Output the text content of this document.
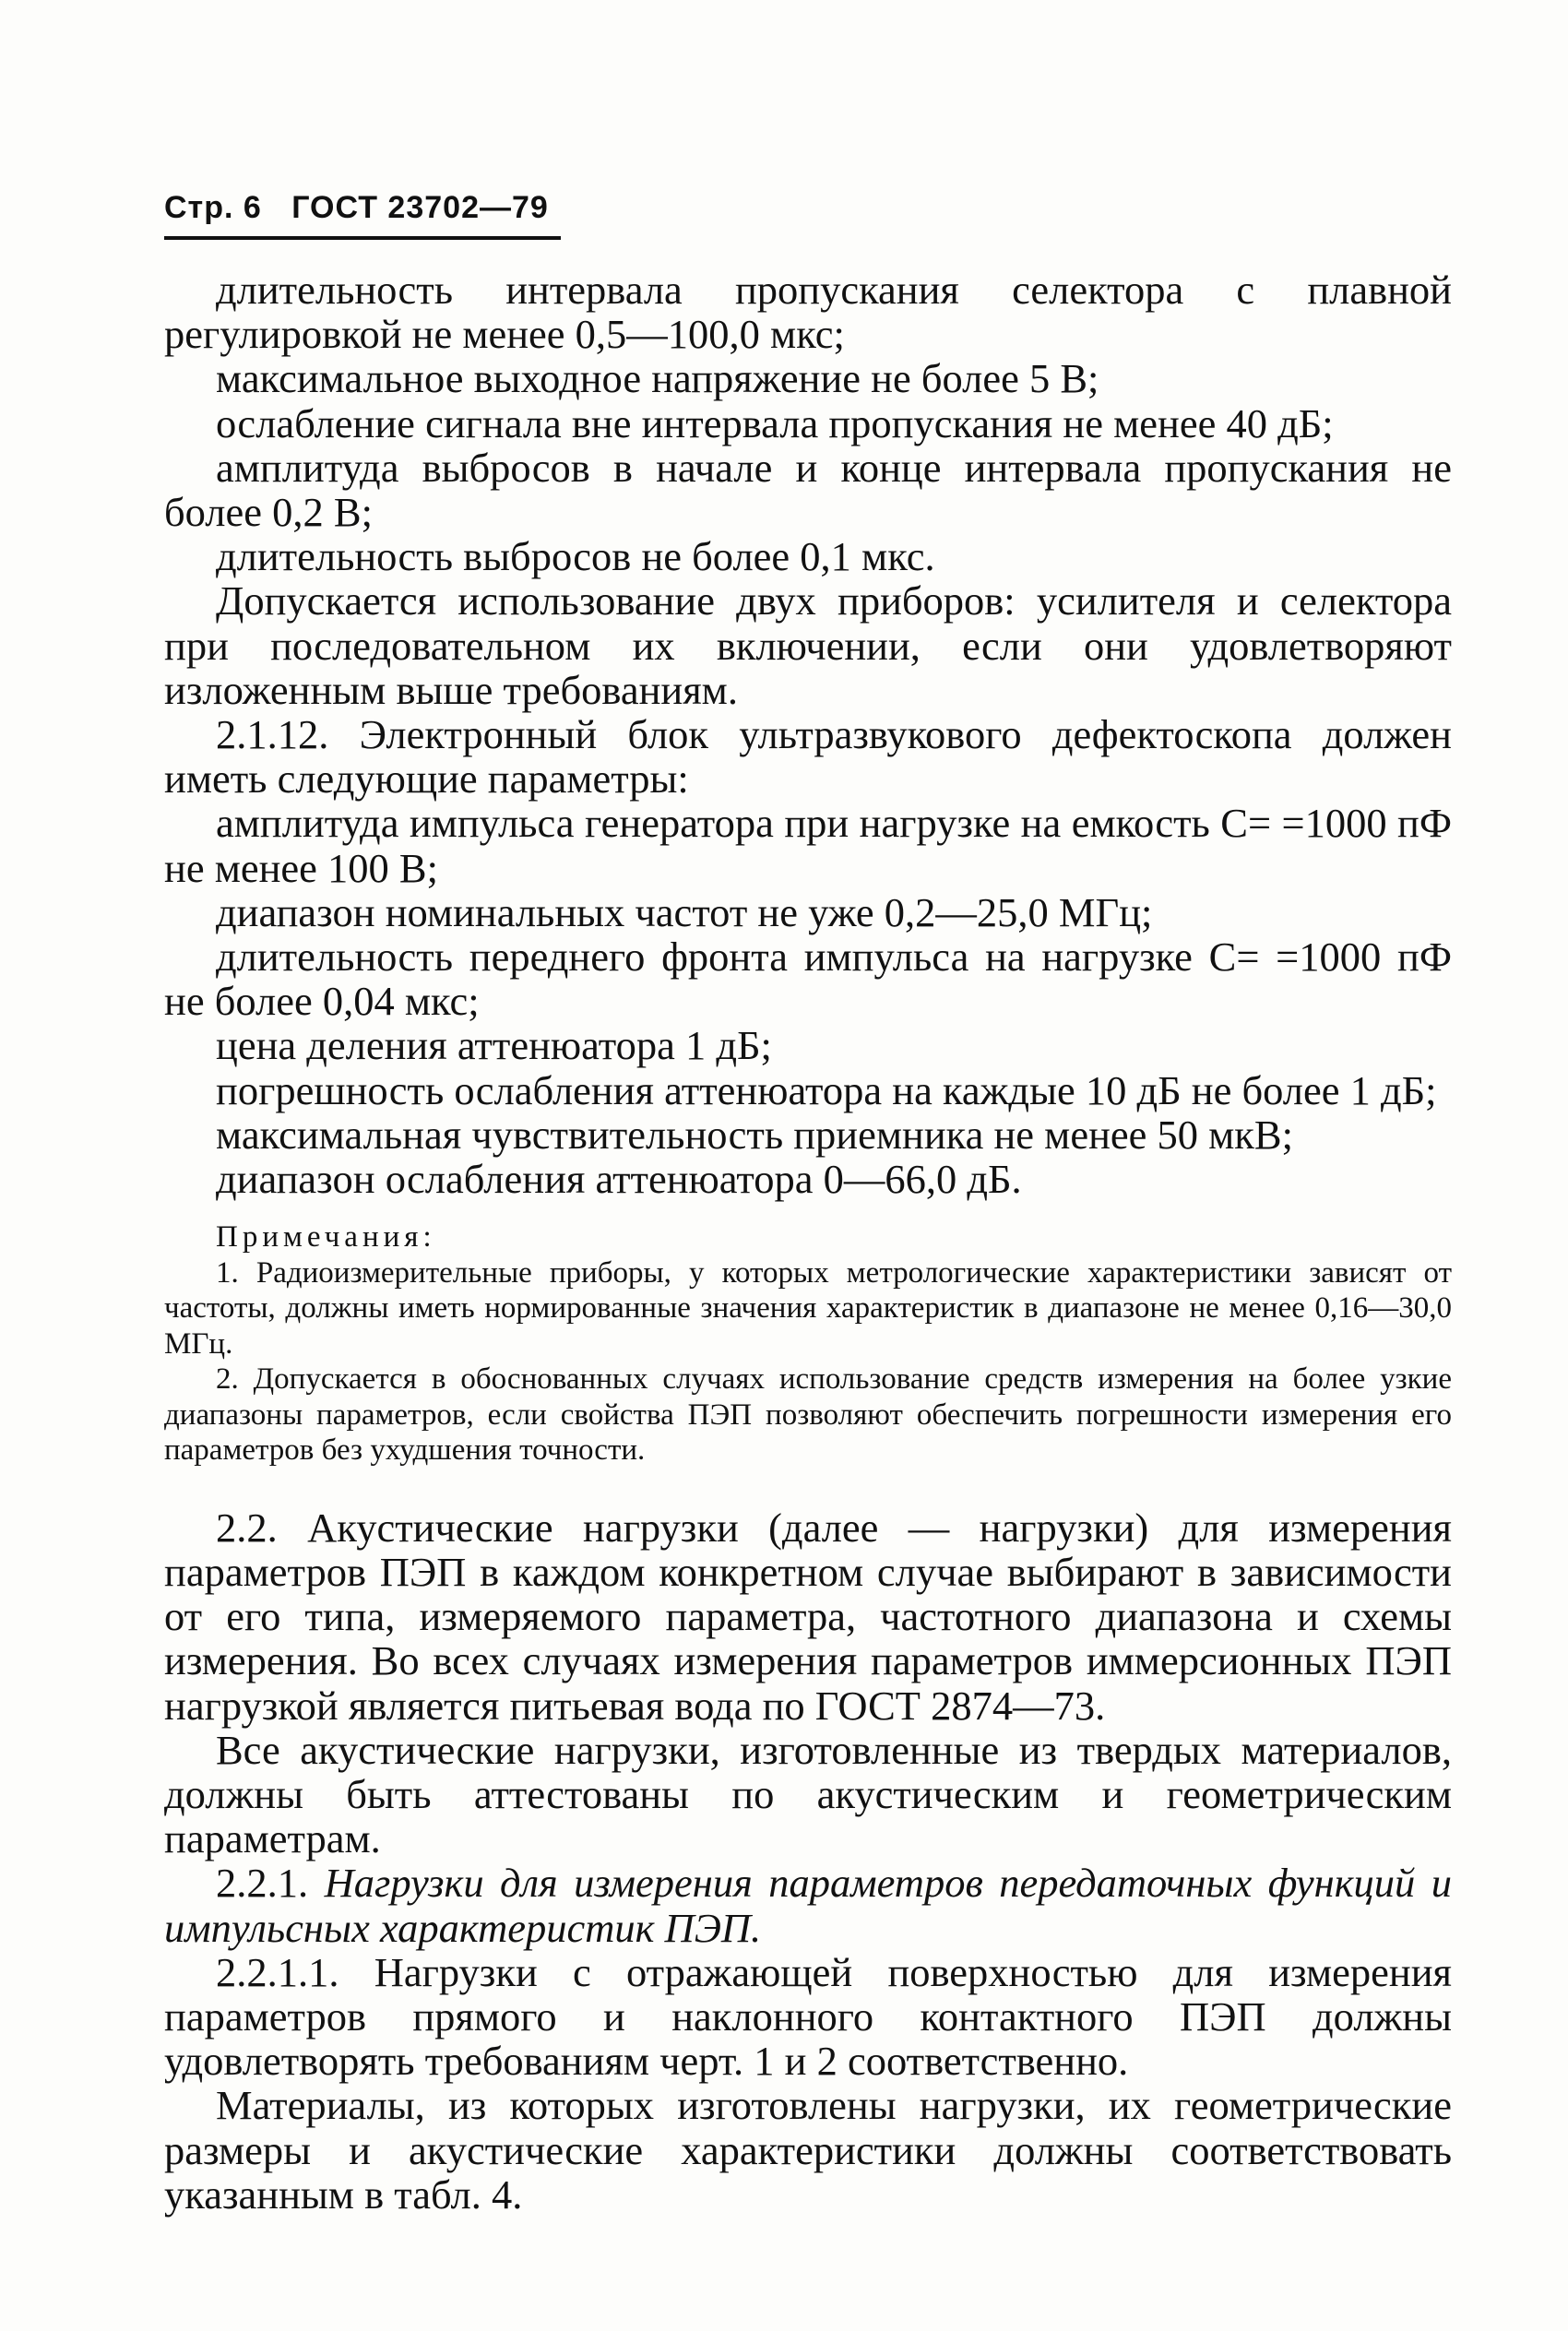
Стр. 6 ГОСТ 23702—79

длительность интервала пропускания селектора с плавной регулировкой не менее 0,5—100,0 мкс;

максимальное выходное напряжение не более 5 В;

ослабление сигнала вне интервала пропускания не менее 40 дБ;

амплитуда выбросов в начале и конце интервала пропускания не более 0,2 В;

длительность выбросов не более 0,1 мкс.

Допускается использование двух приборов: усилителя и селектора при последовательном их включении, если они удовлетворяют изложенным выше требованиям.

2.1.12. Электронный блок ультразвукового дефектоскопа должен иметь следующие параметры:

амплитуда импульса генератора при нагрузке на емкость C= =1000 пФ не менее 100 В;

диапазон номинальных частот не уже 0,2—25,0 МГц;

длительность переднего фронта импульса на нагрузке C= =1000 пФ не более 0,04 мкс;

цена деления аттенюатора 1 дБ;

погрешность ослабления аттенюатора на каждые 10 дБ не более 1 дБ;

максимальная чувствительность приемника не менее 50 мкВ;

диапазон ослабления аттенюатора 0—66,0 дБ.

Примечания:

1. Радиоизмерительные приборы, у которых метрологические характеристики зависят от частоты, должны иметь нормированные значения характеристик в диапазоне не менее 0,16—30,0 МГц.

2. Допускается в обоснованных случаях использование средств измерения на более узкие диапазоны параметров, если свойства ПЭП позволяют обеспечить погрешности измерения его параметров без ухудшения точности.

2.2. Акустические нагрузки (далее — нагрузки) для измерения параметров ПЭП в каждом конкретном случае выбирают в зависимости от его типа, измеряемого параметра, частотного диапазона и схемы измерения. Во всех случаях измерения параметров иммерсионных ПЭП нагрузкой является питьевая вода по ГОСТ 2874—73.

Все акустические нагрузки, изготовленные из твердых материалов, должны быть аттестованы по акустическим и геометрическим параметрам.

2.2.1. Нагрузки для измерения параметров передаточных функций и импульсных характеристик ПЭП.

2.2.1.1. Нагрузки с отражающей поверхностью для измерения параметров прямого и наклонного контактного ПЭП должны удовлетворять требованиям черт. 1 и 2 соответственно.

Материалы, из которых изготовлены нагрузки, их геометрические размеры и акустические характеристики должны соответствовать указанным в табл. 4.
